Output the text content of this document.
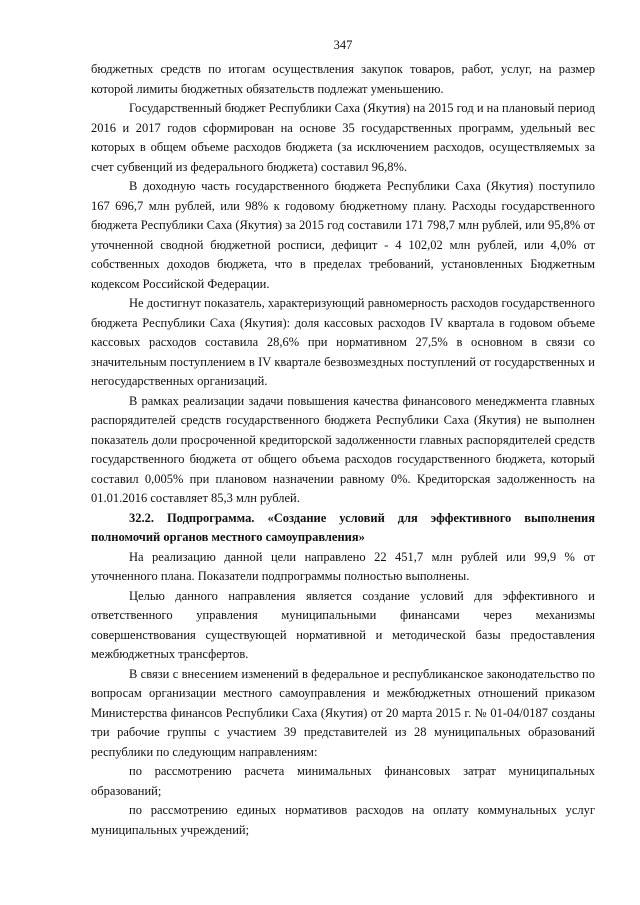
347

бюджетных средств по итогам осуществления закупок товаров, работ, услуг, на размер которой лимиты бюджетных обязательств подлежат уменьшению.

Государственный бюджет Республики Саха (Якутия) на 2015 год и на плановый период 2016 и 2017 годов сформирован на основе 35 государственных программ, удельный вес которых в общем объеме расходов бюджета (за исключением расходов, осуществляемых за счет субвенций из федерального бюджета) составил 96,8%.

В доходную часть государственного бюджета Республики Саха (Якутия) поступило 167 696,7 млн рублей, или 98% к годовому бюджетному плану. Расходы государственного бюджета Республики Саха (Якутия) за 2015 год составили 171 798,7 млн рублей, или 95,8% от уточненной сводной бюджетной росписи, дефицит - 4 102,02 млн рублей, или 4,0% от собственных доходов бюджета, что в пределах требований, установленных Бюджетным кодексом Российской Федерации.

Не достигнут показатель, характеризующий равномерность расходов государственного бюджета Республики Саха (Якутия): доля кассовых расходов IV квартала в годовом объеме кассовых расходов составила 28,6% при нормативном 27,5% в основном в связи со значительным поступлением в IV квартале безвозмездных поступлений от государственных и негосударственных организаций.

В рамках реализации задачи повышения качества финансового менеджмента главных распорядителей средств государственного бюджета Республики Саха (Якутия) не выполнен показатель доли просроченной кредиторской задолженности главных распорядителей средств государственного бюджета от общего объема расходов государственного бюджета, который составил 0,005% при плановом назначении равному 0%. Кредиторская задолженность на 01.01.2016 составляет 85,3 млн рублей.

32.2. Подпрограмма. «Создание условий для эффективного выполнения полномочий органов местного самоуправления»

На реализацию данной цели направлено 22 451,7 млн рублей или 99,9 % от уточненного плана. Показатели подпрограммы полностью выполнены.

Целью данного направления является создание условий для эффективного и ответственного управления муниципальными финансами через механизмы совершенствования существующей нормативной и методической базы предоставления межбюджетных трансфертов.

В связи с внесением изменений в федеральное и республиканское законодательство по вопросам организации местного самоуправления и межбюджетных отношений приказом Министерства финансов Республики Саха (Якутия) от 20 марта 2015 г. № 01-04/0187 созданы три рабочие группы с участием 39 представителей из 28 муниципальных образований республики по следующим направлениям:

по рассмотрению расчета минимальных финансовых затрат муниципальных образований;

по рассмотрению единых нормативов расходов на оплату коммунальных услуг муниципальных учреждений;
